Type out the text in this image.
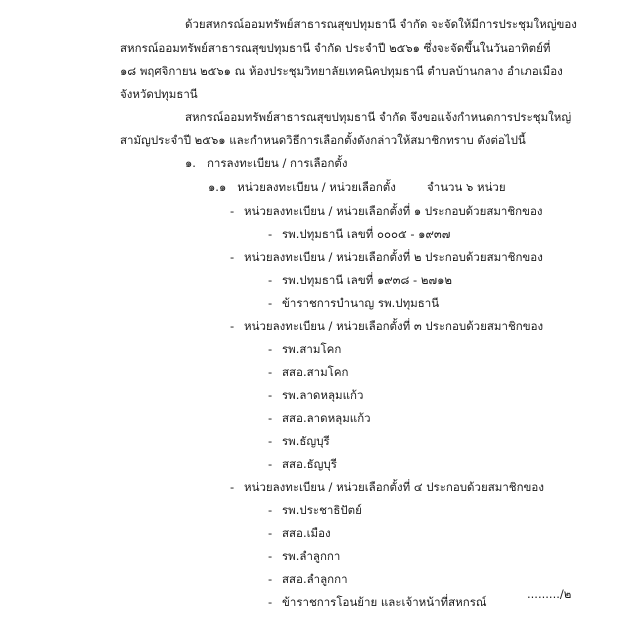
ด้วยสหกรณ์ออมทรัพย์สาธารณสุขปทุมธานี จำกัด จะจัดให้มีการประชุมใหญ่ของ
สหกรณ์ออมทรัพย์สาธารณสุขปทุมธานี จำกัด ประจำปี ๒๕๖๑ ซึ่งจะจัดขึ้นในวันอาทิตย์ที่
๑๘ พฤศจิกายน ๒๕๖๑ ณ ห้องประชุมวิทยาลัยเทคนิคปทุมธานี ตำบลบ้านกลาง อำเภอเมือง
จังหวัดปทุมธานี
สหกรณ์ออมทรัพย์สาธารณสุขปทุมธานี จำกัด จึงขอแจ้งกำหนดการประชุมใหญ่
สามัญประจำปี ๒๕๖๑ และกำหนดวิธีการเลือกตั้งดังกล่าวให้สมาชิกทราบ ดังต่อไปนี้
๑. การลงทะเบียน / การเลือกตั้ง
๑.๑ หน่วยลงทะเบียน / หน่วยเลือกตั้ง	จำนวน ๖ หน่วย
- หน่วยลงทะเบียน / หน่วยเลือกตั้งที่ ๑ ประกอบด้วยสมาชิกของ
- รพ.ปทุมธานี เลขที่ ๐๐๐๕ - ๑๙๓๗
- หน่วยลงทะเบียน / หน่วยเลือกตั้งที่ ๒ ประกอบด้วยสมาชิกของ
- รพ.ปทุมธานี เลขที่ ๑๙๓๘ - ๒๗๑๒
- ข้าราชการบำนาญ รพ.ปทุมธานี
- หน่วยลงทะเบียน / หน่วยเลือกตั้งที่ ๓ ประกอบด้วยสมาชิกของ
- รพ.สามโคก
- สสอ.สามโคก
- รพ.ลาดหลุมแก้ว
- สสอ.ลาดหลุมแก้ว
- รพ.ธัญบุรี
- สสอ.ธัญบุรี
- หน่วยลงทะเบียน / หน่วยเลือกตั้งที่ ๔ ประกอบด้วยสมาชิกของ
- รพ.ประชาธิปัตย์
- สสอ.เมือง
- รพ.ลำลูกกา
- สสอ.ลำลูกกา
- ข้าราชการโอนย้าย และเจ้าหน้าที่สหกรณ์
........./๒
